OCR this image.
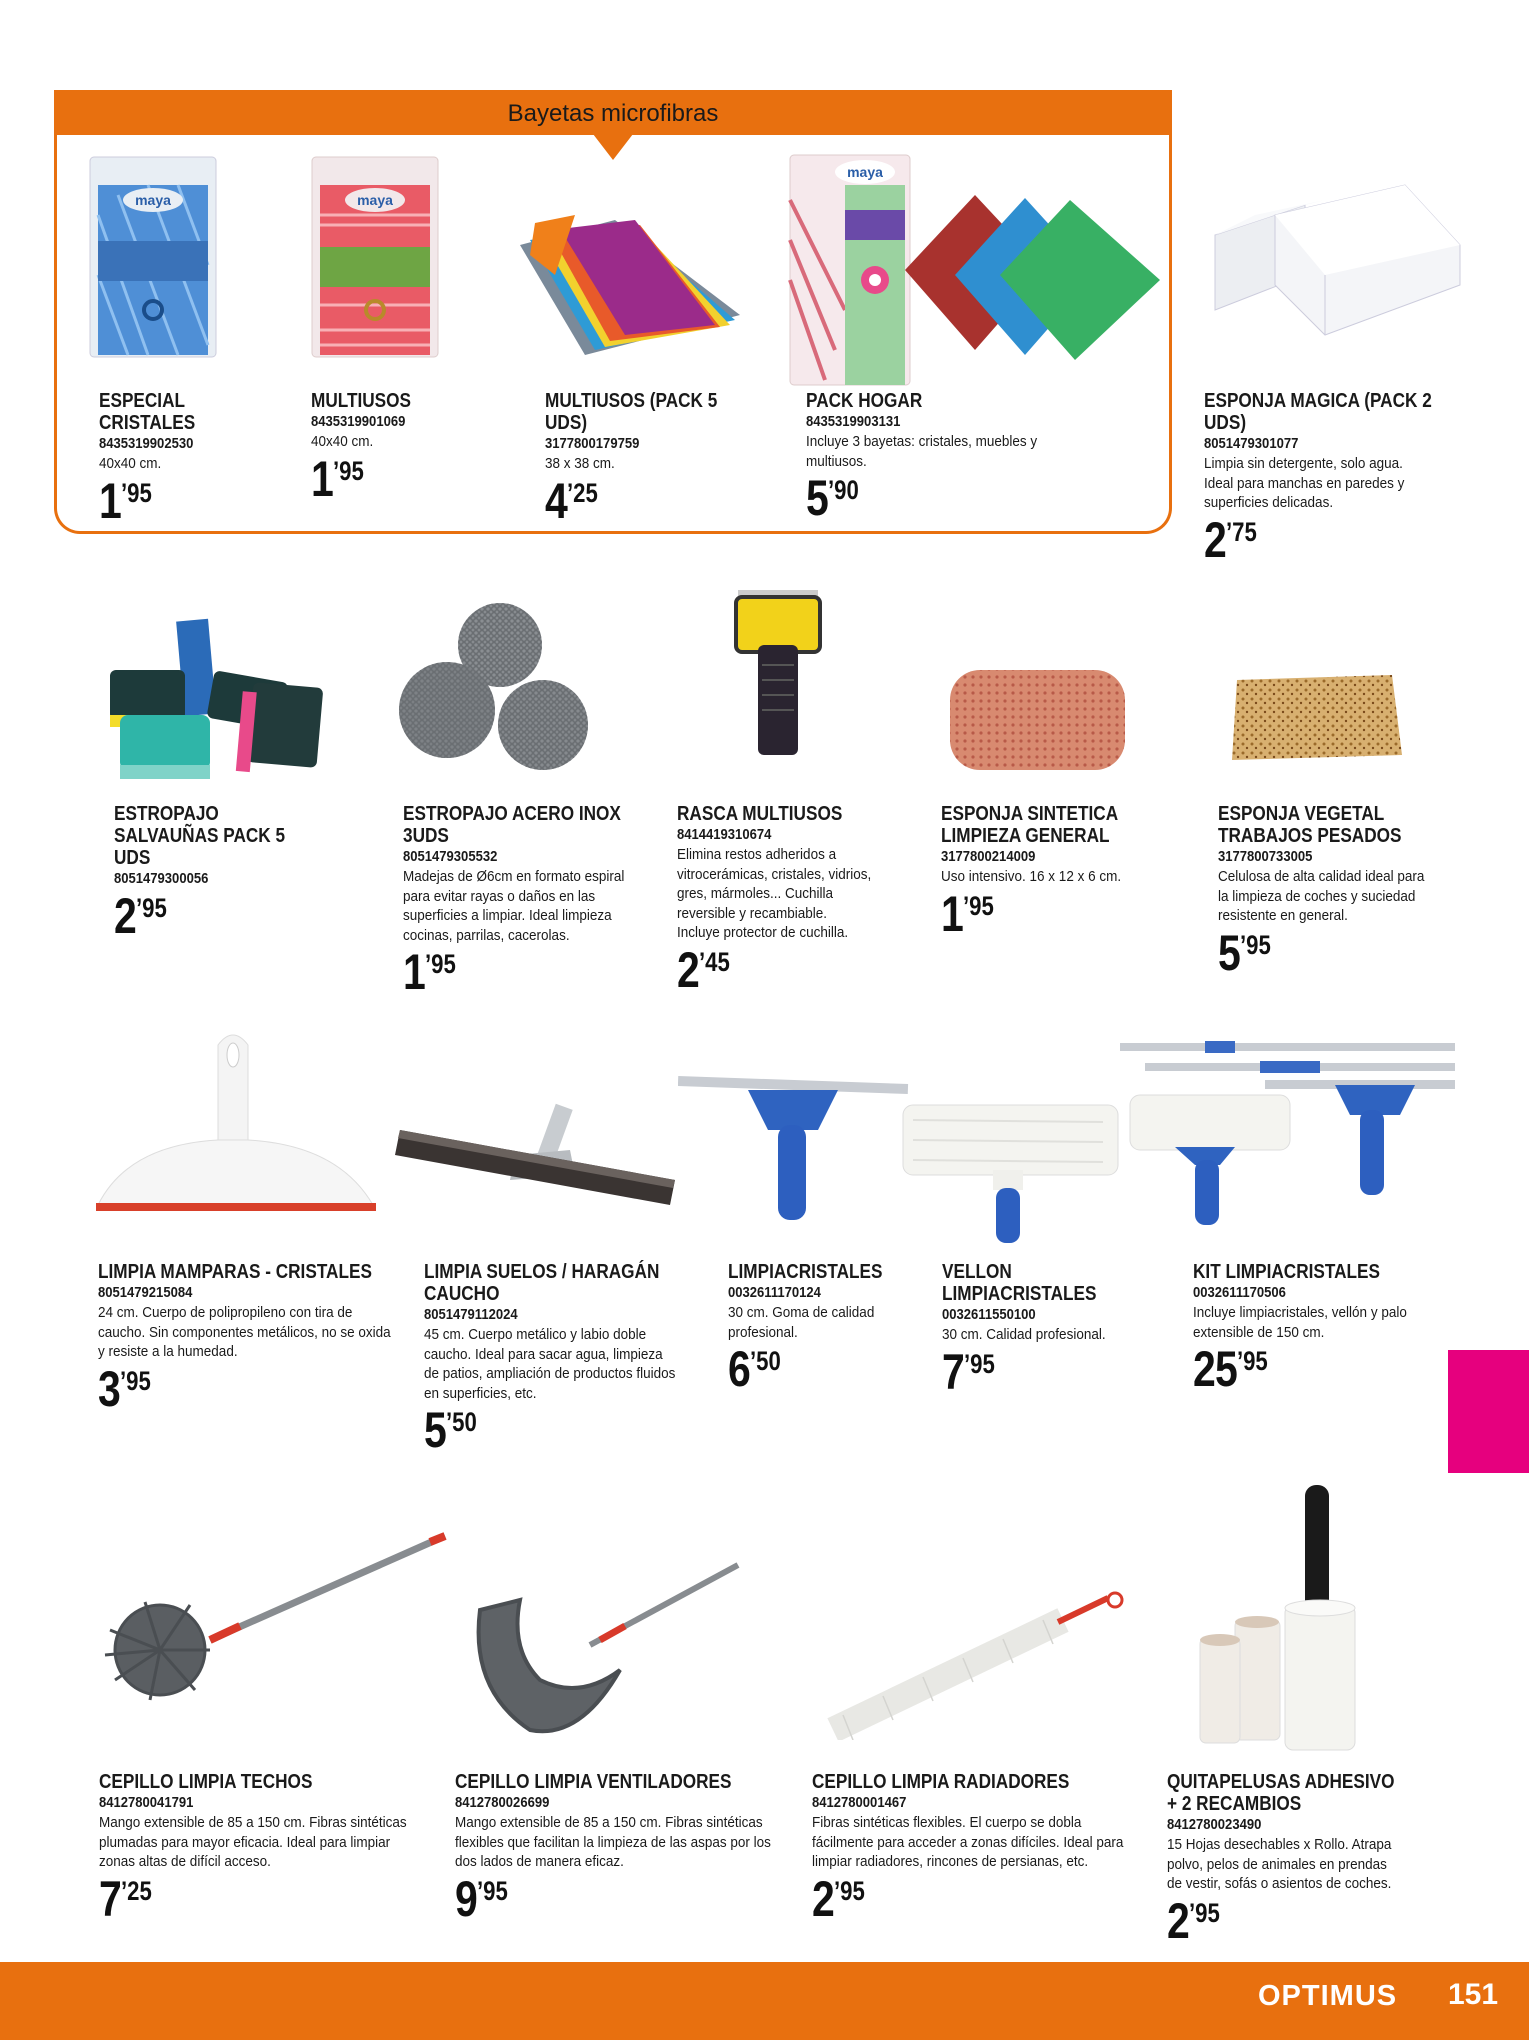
Bayetas microfibras
maya	maya
maya
ESPECIAL CRISTALES
8435319902530
40x40 cm.
1’95
MULTIUSOS
8435319901069
40x40 cm.
1’95
MULTIUSOS (PACK 5 UDS)
3177800179759
38 x 38 cm.
4’25
PACK HOGAR
8435319903131
Incluye 3 bayetas: cristales, muebles y multiusos.
5’90
ESPONJA MAGICA (PACK 2 UDS)
8051479301077
Limpia sin detergente, solo agua. Ideal para manchas en paredes y superficies delicadas.
2’75
ESTROPAJO SALVAUÑAS PACK 5 UDS
8051479300056
2’95
ESTROPAJO ACERO INOX 3UDS
8051479305532
Madejas de Ø6cm en formato espiral para evitar rayas o daños en las superficies a limpiar. Ideal limpieza cocinas, parrilas, cacerolas.
1’95
RASCA MULTIUSOS
8414419310674
Elimina restos adheridos a vitrocerámicas, cristales, vidrios, gres, mármoles... Cuchilla reversible y recambiable. Incluye protector de cuchilla.
2’45
ESPONJA SINTETICA LIMPIEZA GENERAL
3177800214009
Uso intensivo. 16 x 12 x 6 cm.
1’95
ESPONJA VEGETAL TRABAJOS PESADOS
3177800733005
Celulosa de alta calidad ideal para la limpieza de coches y suciedad resistente en general.
5’95
LIMPIA MAMPARAS - CRISTALES
8051479215084
24 cm. Cuerpo de polipropileno con tira de caucho. Sin componentes metálicos, no se oxida y resiste a la humedad.
3’95
LIMPIA SUELOS / HARAGÁN CAUCHO
8051479112024
45 cm. Cuerpo metálico y labio doble caucho. Ideal para sacar agua, limpieza de patios, ampliación de productos fluidos en superficies, etc.
5’50
LIMPIACRISTALES
0032611170124
30 cm. Goma de calidad profesional.
6’50
VELLON LIMPIACRISTALES
0032611550100
30 cm. Calidad profesional.
7’95
KIT LIMPIACRISTALES
0032611170506
Incluye limpiacristales, vellón y palo extensible de 150 cm.
25’95
CEPILLO LIMPIA TECHOS
8412780041791
Mango extensible de 85 a 150 cm. Fibras sintéticas plumadas para mayor eficacia. Ideal para limpiar zonas altas de difícil acceso.
7’25
CEPILLO LIMPIA VENTILADORES
8412780026699
Mango extensible de 85 a 150 cm. Fibras sintéticas flexibles que facilitan la limpieza de las aspas por los dos lados de manera eficaz.
9’95
CEPILLO LIMPIA RADIADORES
8412780001467
Fibras sintéticas flexibles. El cuerpo se dobla fácilmente para acceder a zonas difíciles. Ideal para limpiar radiadores, rincones de persianas, etc.
2’95
QUITAPELUSAS ADHESIVO + 2 RECAMBIOS
8412780023490
15 Hojas desechables x Rollo. Atrapa polvo, pelos de animales en prendas de vestir, sofás o asientos de coches.
2’95
OPTIMUS 151
